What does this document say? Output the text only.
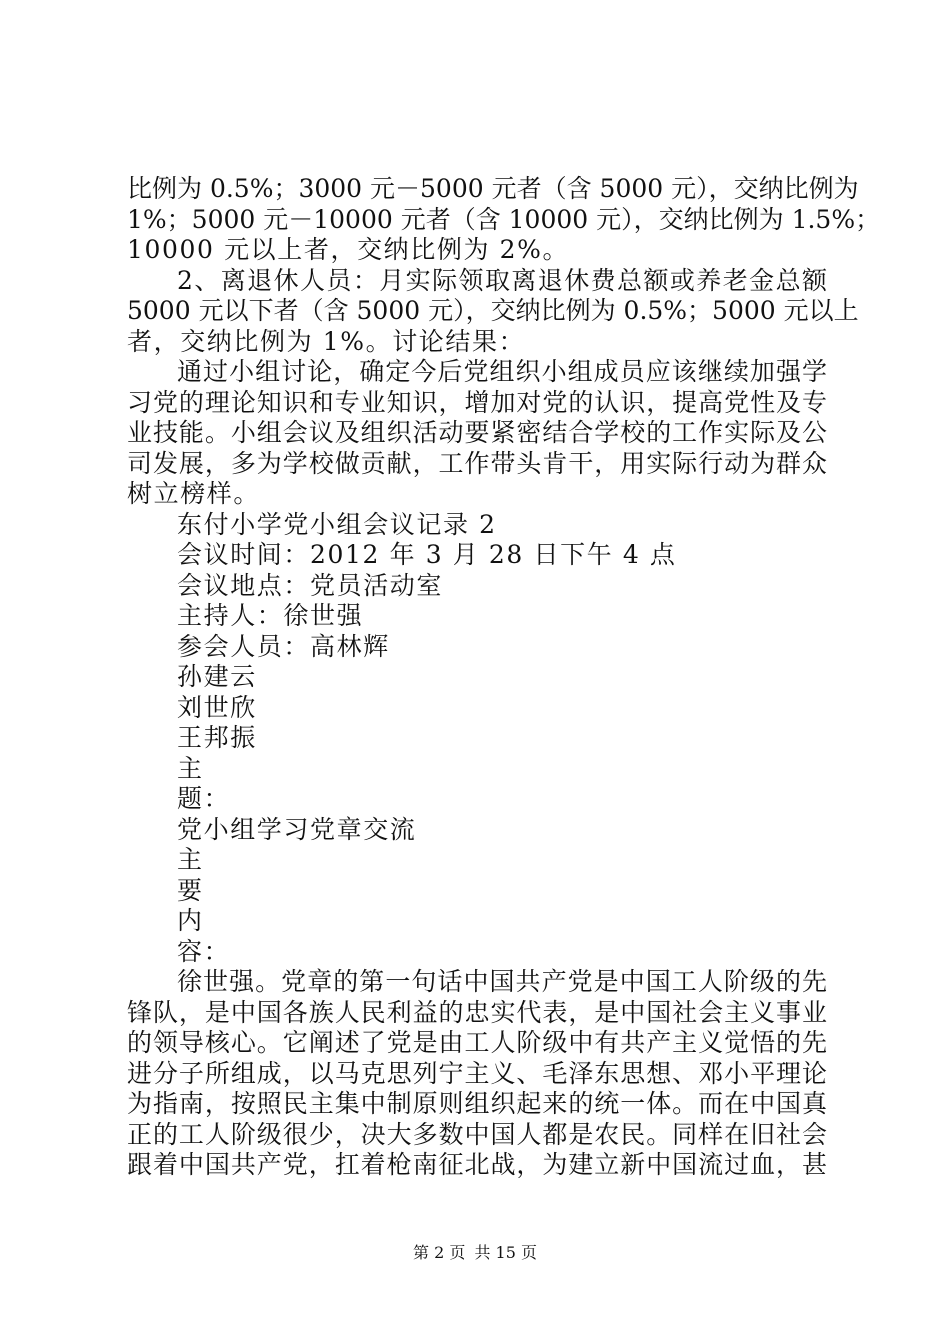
比例为 0.5%；3000 元－5000 元者（含 5000 元），交纳比例为
1%；5000 元－10000 元者（含 10000 元），交纳比例为 1.5%；
10000 元以上者，交纳比例为 2%。
2、离退休人员：月实际领取离退休费总额或养老金总额
5000 元以下者（含 5000 元），交纳比例为 0.5%；5000 元以上
者，交纳比例为 1%。讨论结果：
通过小组讨论，确定今后党组织小组成员应该继续加强学
习党的理论知识和专业知识，增加对党的认识，提高党性及专
业技能。小组会议及组织活动要紧密结合学校的工作实际及公
司发展，多为学校做贡献，工作带头肯干，用实际行动为群众
树立榜样。
东付小学党小组会议记录 2
会议时间：2012 年 3 月 28 日下午 4 点
会议地点：党员活动室
主持人：徐世强
参会人员：高林辉
孙建云
刘世欣
王邦振
主
题：
党小组学习党章交流
主
要
内
容：
徐世强。党章的第一句话中国共产党是中国工人阶级的先
锋队，是中国各族人民利益的忠实代表，是中国社会主义事业
的领导核心。它阐述了党是由工人阶级中有共产主义觉悟的先
进分子所组成，以马克思列宁主义、毛泽东思想、邓小平理论
为指南，按照民主集中制原则组织起来的统一体。而在中国真
正的工人阶级很少，决大多数中国人都是农民。同样在旧社会
跟着中国共产党，扛着枪南征北战，为建立新中国流过血，甚
第 2 页 共 15 页
